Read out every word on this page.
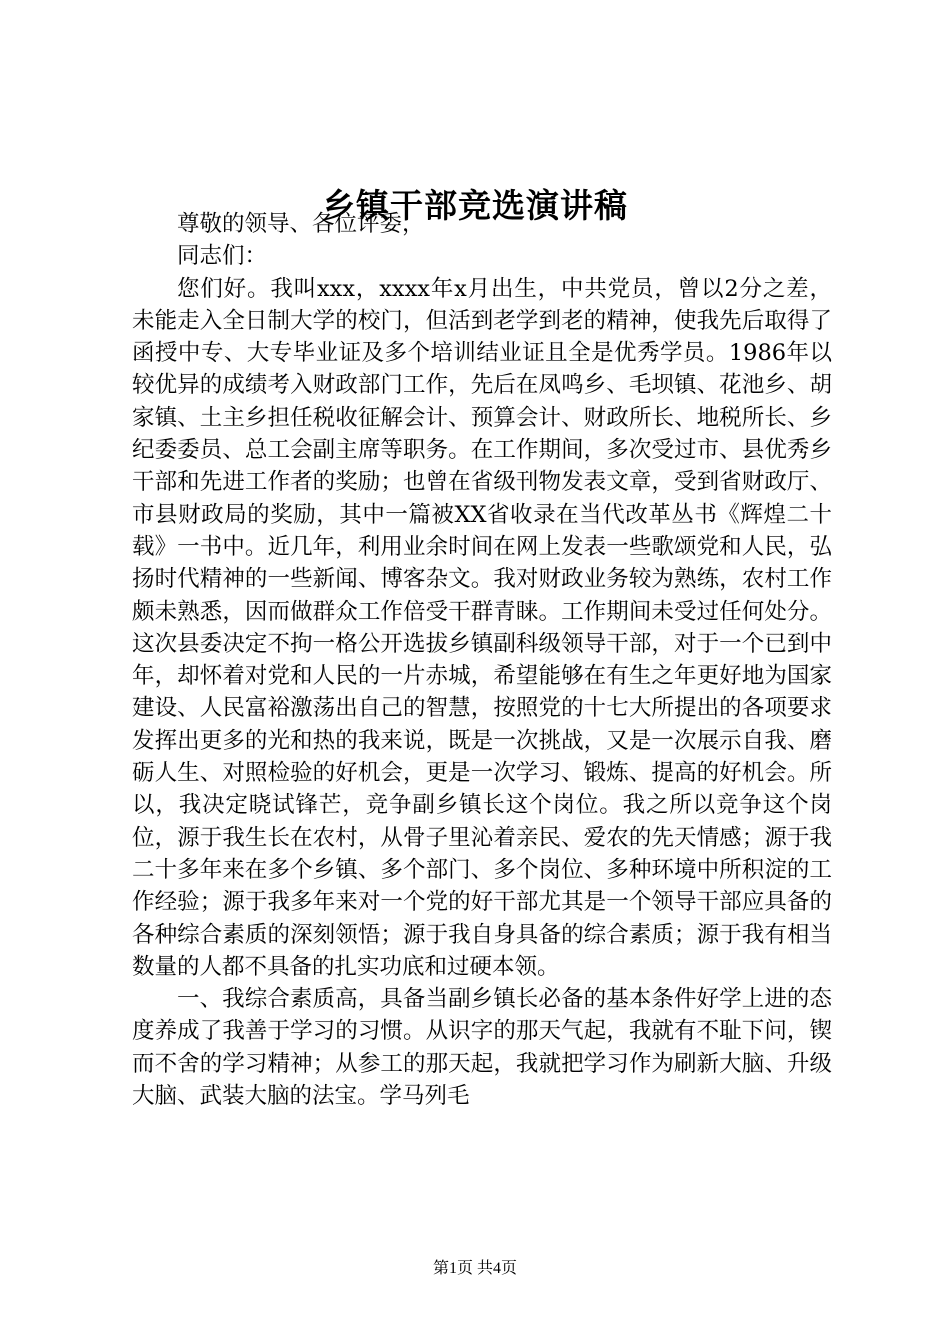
乡镇干部竞选演讲稿

尊敬的领导、各位评委，

同志们：

您们好。我叫xxx，xxxx年x月出生，中共党员，曾以2分之差，未能走入全日制大学的校门，但活到老学到老的精神，使我先后取得了函授中专、大专毕业证及多个培训结业证且全是优秀学员。1986年以较优异的成绩考入财政部门工作，先后在凤鸣乡、毛坝镇、花池乡、胡家镇、土主乡担任税收征解会计、预算会计、财政所长、地税所长、乡纪委委员、总工会副主席等职务。在工作期间，多次受过市、县优秀乡干部和先进工作者的奖励；也曾在省级刊物发表文章，受到省财政厅、市县财政局的奖励，其中一篇被XX省收录在当代改革丛书《辉煌二十载》一书中。近几年，利用业余时间在网上发表一些歌颂党和人民，弘扬时代精神的一些新闻、博客杂文。我对财政业务较为熟练，农村工作颇未熟悉，因而做群众工作倍受干群青睐。工作期间未受过任何处分。这次县委决定不拘一格公开选拔乡镇副科级领导干部，对于一个已到中年，却怀着对党和人民的一片赤城，希望能够在有生之年更好地为国家建设、人民富裕激荡出自己的智慧，按照党的十七大所提出的各项要求发挥出更多的光和热的我来说，既是一次挑战，又是一次展示自我、磨砺人生、对照检验的好机会，更是一次学习、锻炼、提高的好机会。所以，我决定晓试锋芒，竞争副乡镇长这个岗位。我之所以竞争这个岗位，源于我生长在农村，从骨子里沁着亲民、爱农的先天情感；源于我二十多年来在多个乡镇、多个部门、多个岗位、多种环境中所积淀的工作经验；源于我多年来对一个党的好干部尤其是一个领导干部应具备的各种综合素质的深刻领悟；源于我自身具备的综合素质；源于我有相当数量的人都不具备的扎实功底和过硬本领。

一、我综合素质高，具备当副乡镇长必备的基本条件好学上进的态度养成了我善于学习的习惯。从识字的那天气起，我就有不耻下问，锲而不舍的学习精神；从参工的那天起，我就把学习作为刷新大脑、升级大脑、武装大脑的法宝。学马列毛

第1页 共4页
